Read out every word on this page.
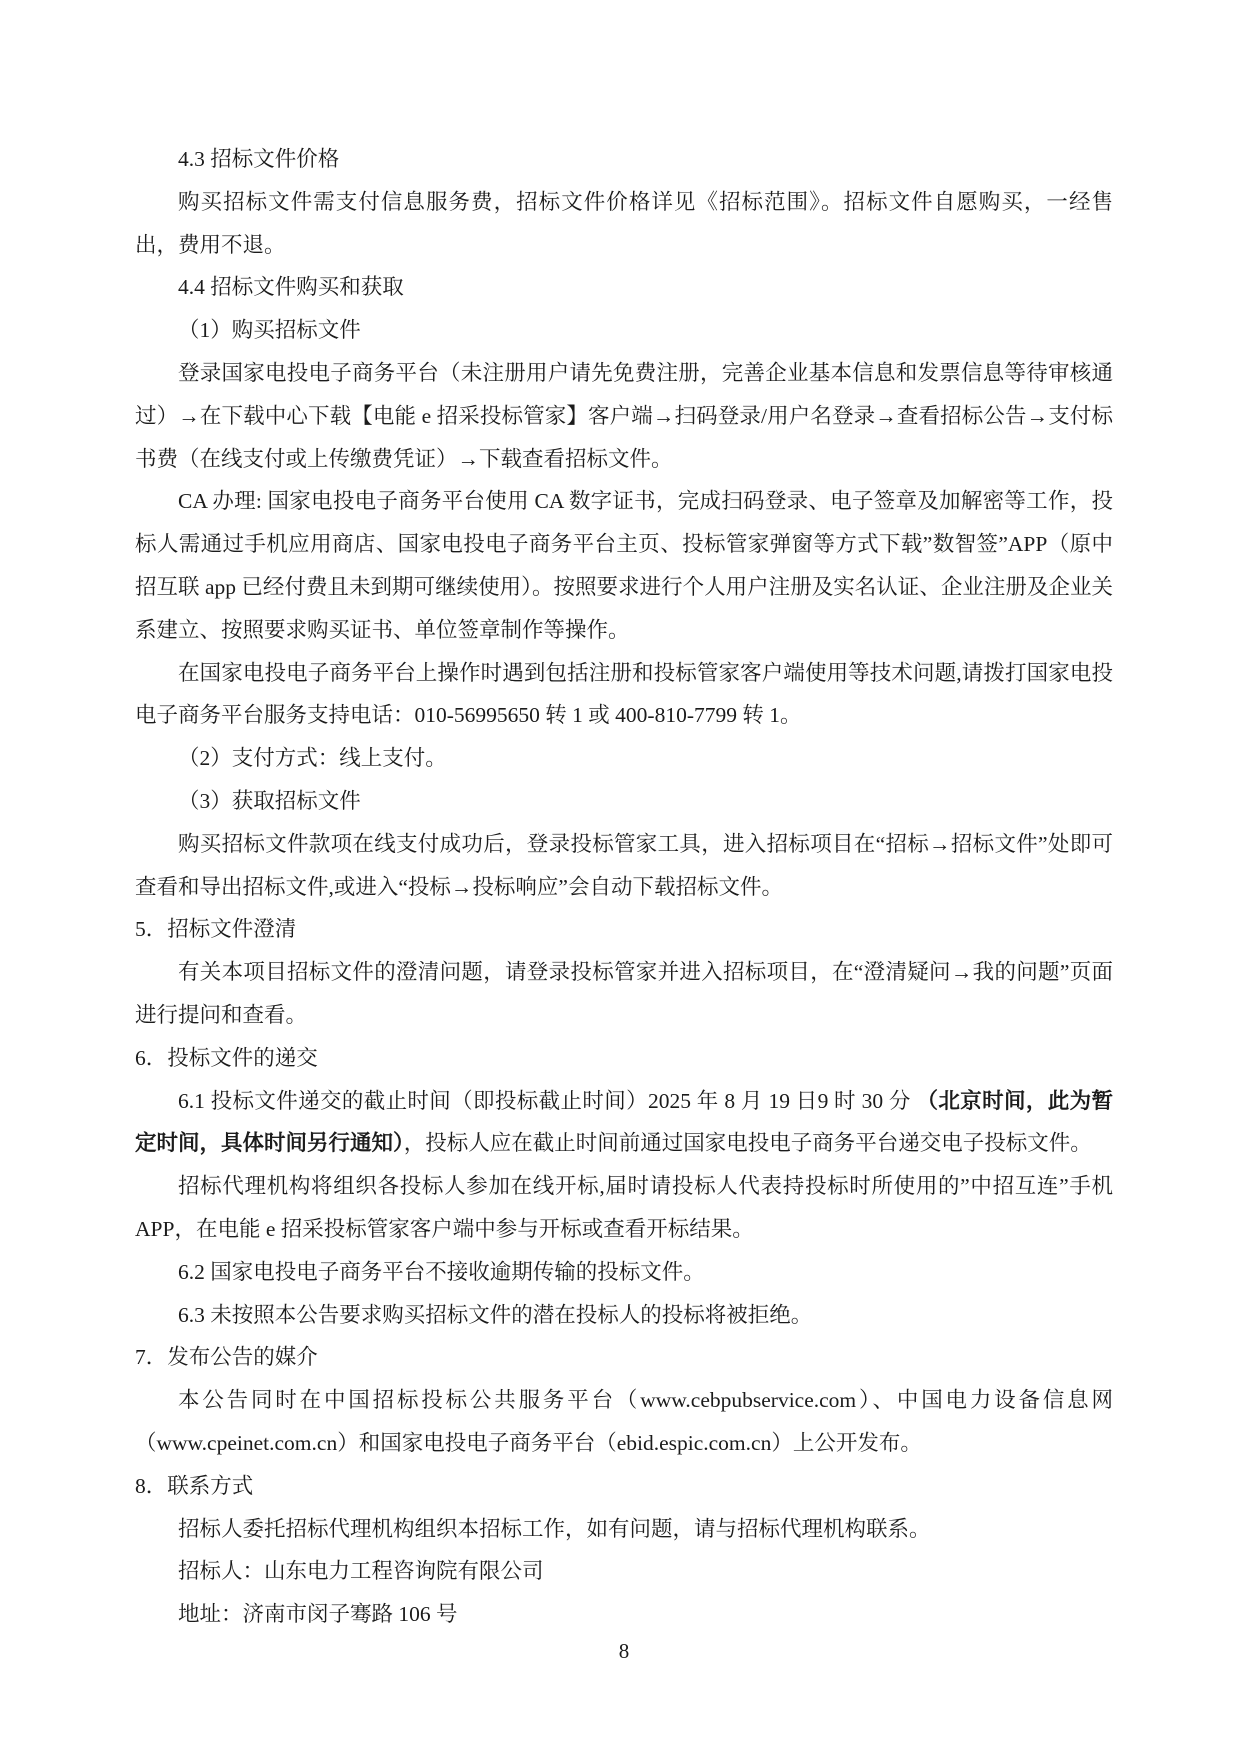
4.3 招标文件价格

购买招标文件需支付信息服务费，招标文件价格详见《招标范围》。招标文件自愿购买，一经售出，费用不退。

4.4 招标文件购买和获取

（1）购买招标文件

登录国家电投电子商务平台（未注册用户请先免费注册，完善企业基本信息和发票信息等待审核通过）→在下载中心下载【电能 e 招采投标管家】客户端→扫码登录/用户名登录→查看招标公告→支付标书费（在线支付或上传缴费凭证）→下载查看招标文件。

CA 办理: 国家电投电子商务平台使用 CA 数字证书，完成扫码登录、电子签章及加解密等工作，投标人需通过手机应用商店、国家电投电子商务平台主页、投标管家弹窗等方式下载”数智签”APP（原中招互联 app 已经付费且未到期可继续使用）。按照要求进行个人用户注册及实名认证、企业注册及企业关系建立、按照要求购买证书、单位签章制作等操作。

在国家电投电子商务平台上操作时遇到包括注册和投标管家客户端使用等技术问题,请拨打国家电投电子商务平台服务支持电话：010-56995650 转 1 或 400-810-7799 转 1。

（2）支付方式：线上支付。

（3）获取招标文件

购买招标文件款项在线支付成功后，登录投标管家工具，进入招标项目在“招标→招标文件”处即可查看和导出招标文件,或进入“投标→投标响应”会自动下载招标文件。

5．招标文件澄清

有关本项目招标文件的澄清问题，请登录投标管家并进入招标项目，在“澄清疑问→我的问题”页面进行提问和查看。

6．投标文件的递交

6.1 投标文件递交的截止时间（即投标截止时间）2025 年 8 月 19 日9 时 30 分 （北京时间，此为暂定时间，具体时间另行通知），投标人应在截止时间前通过国家电投电子商务平台递交电子投标文件。

招标代理机构将组织各投标人参加在线开标,届时请投标人代表持投标时所使用的”中招互连”手机APP，在电能 e 招采投标管家客户端中参与开标或查看开标结果。

6.2 国家电投电子商务平台不接收逾期传输的投标文件。

6.3 未按照本公告要求购买招标文件的潜在投标人的投标将被拒绝。

7．发布公告的媒介

本公告同时在中国招标投标公共服务平台（www.cebpubservice.com）、中国电力设备信息网（www.cpeinet.com.cn）和国家电投电子商务平台（ebid.espic.com.cn）上公开发布。

8．联系方式

招标人委托招标代理机构组织本招标工作，如有问题，请与招标代理机构联系。

招标人：山东电力工程咨询院有限公司

地址：济南市闵子骞路 106 号

8
